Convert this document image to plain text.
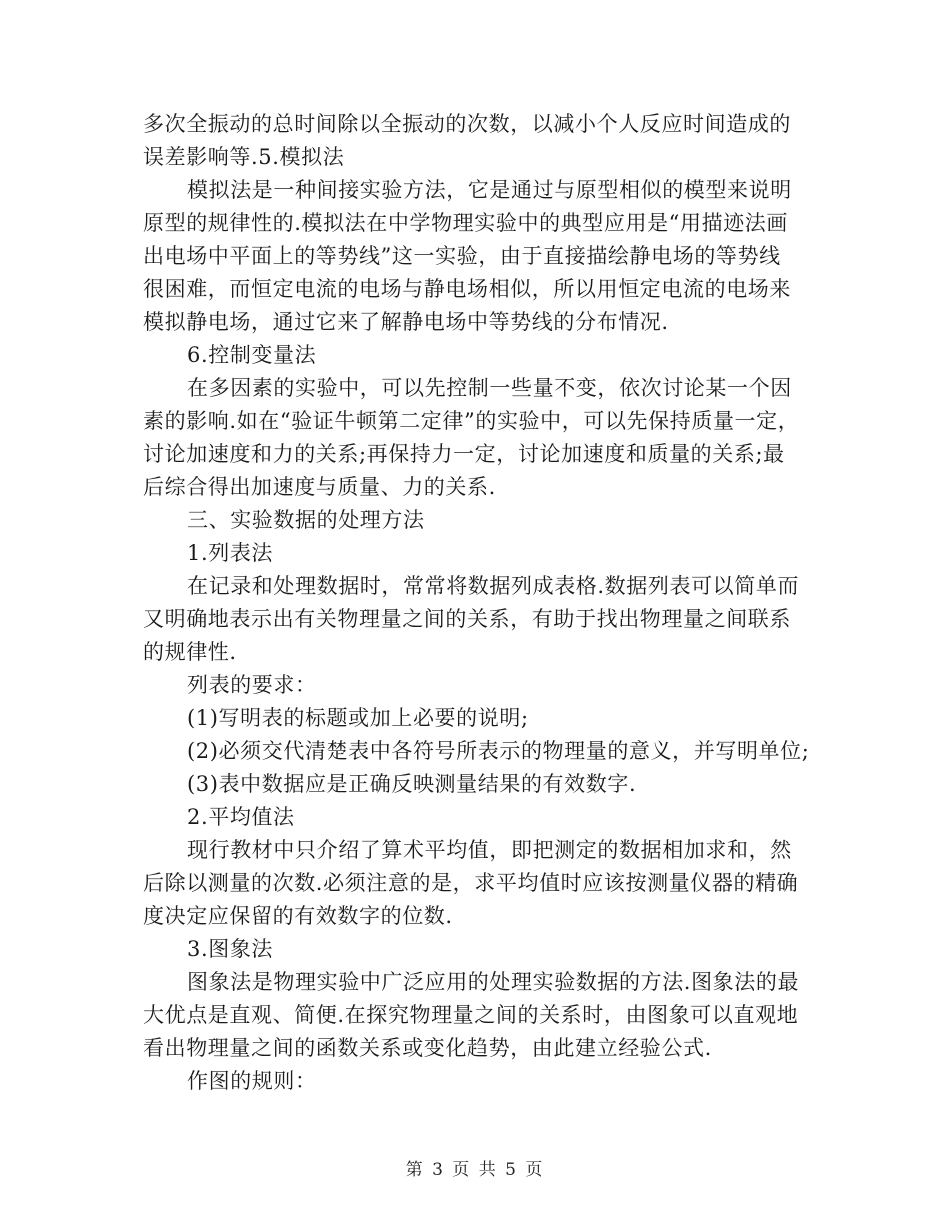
多次全振动的总时间除以全振动的次数，以减小个人反应时间造成的
误差影响等.5.模拟法

模拟法是一种间接实验方法，它是通过与原型相似的模型来说明
原型的规律性的.模拟法在中学物理实验中的典型应用是“用描迹法画
出电场中平面上的等势线”这一实验，由于直接描绘静电场的等势线
很困难，而恒定电流的电场与静电场相似，所以用恒定电流的电场来
模拟静电场，通过它来了解静电场中等势线的分布情况.

6.控制变量法

在多因素的实验中，可以先控制一些量不变，依次讨论某一个因
素的影响.如在“验证牛顿第二定律”的实验中，可以先保持质量一定，
讨论加速度和力的关系;再保持力一定，讨论加速度和质量的关系;最
后综合得出加速度与质量、力的关系.

三、实验数据的处理方法

1.列表法

在记录和处理数据时，常常将数据列成表格.数据列表可以简单而
又明确地表示出有关物理量之间的关系，有助于找出物理量之间联系
的规律性.

列表的要求：

(1)写明表的标题或加上必要的说明;

(2)必须交代清楚表中各符号所表示的物理量的意义，并写明单位;

(3)表中数据应是正确反映测量结果的有效数字.

2.平均值法

现行教材中只介绍了算术平均值，即把测定的数据相加求和，然
后除以测量的次数.必须注意的是，求平均值时应该按测量仪器的精确
度决定应保留的有效数字的位数.

3.图象法

图象法是物理实验中广泛应用的处理实验数据的方法.图象法的最
大优点是直观、简便.在探究物理量之间的关系时，由图象可以直观地
看出物理量之间的函数关系或变化趋势，由此建立经验公式.

作图的规则：

第 3 页 共 5 页
